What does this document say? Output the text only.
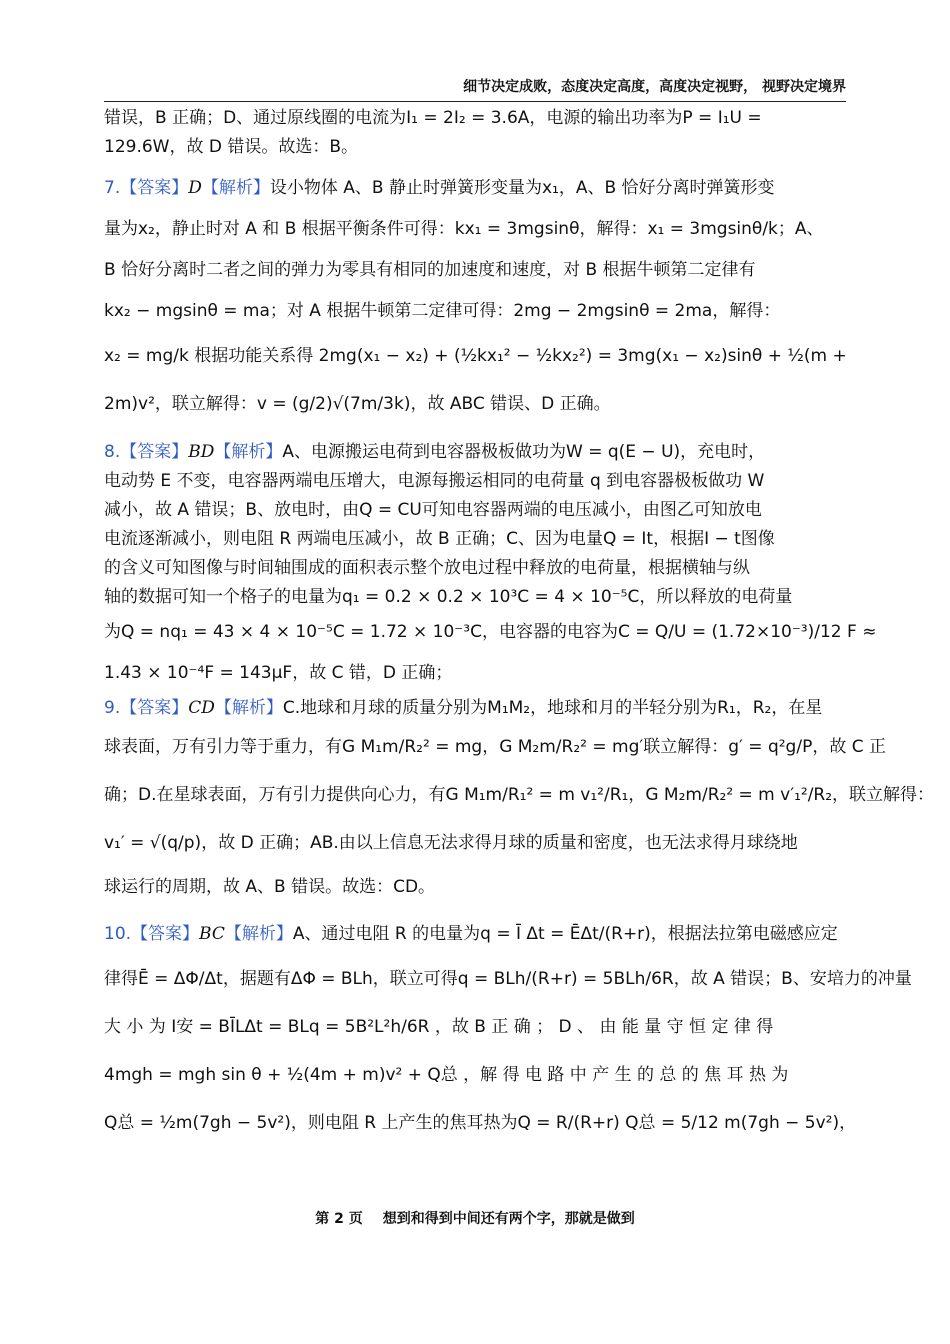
细节决定成败，态度决定高度，高度决定视野， 视野决定境界
错误，B 正确；D、通过原线圈的电流为I₁ = 2I₂ = 3.6A，电源的输出功率为P = I₁U =
129.6W，故 D 错误。故选：B。
7.【答案】D【解析】设小物体 A、B 静止时弹簧形变量为x₁，A、B 恰好分离时弹簧形变
量为x₂，静止时对 A 和 B 根据平衡条件可得：kx₁ = 3mgsinθ，解得：x₁ = 3mgsinθ/k；A、
B 恰好分离时二者之间的弹力为零具有相同的加速度和速度，对 B 根据牛顿第二定律有
kx₂ − mgsinθ = ma；对 A 根据牛顿第二定律可得：2mg − 2mgsinθ = 2ma，解得：
x₂ = mg/k 根据功能关系得 2mg(x₁ − x₂) + (½kx₁² − ½kx₂²) = 3mg(x₁ − x₂)sinθ + ½(m +
2m)v²，联立解得：v = (g/2)√(7m/3k)，故 ABC 错误、D 正确。
8.【答案】BD【解析】A、电源搬运电荷到电容器极板做功为W = q(E − U)，充电时，
电动势 E 不变，电容器两端电压增大，电源每搬运相同的电荷量 q 到电容器极板做功 W
减小，故 A 错误；B、放电时，由Q = CU可知电容器两端的电压减小，由图乙可知放电
电流逐渐减小，则电阻 R 两端电压减小，故 B 正确；C、因为电量Q = It，根据I − t图像
的含义可知图像与时间轴围成的面积表示整个放电过程中释放的电荷量，根据横轴与纵
轴的数据可知一个格子的电量为q₁ = 0.2 × 0.2 × 10³C = 4 × 10⁻⁵C，所以释放的电荷量
为Q = nq₁ = 43 × 4 × 10⁻⁵C = 1.72 × 10⁻³C，电容器的电容为C = Q/U = (1.72×10⁻³)/12 F ≈
1.43 × 10⁻⁴F = 143μF，故 C 错，D 正确；
9.【答案】CD【解析】C.地球和月球的质量分别为M₁M₂，地球和月的半轻分别为R₁，R₂，在星
球表面，万有引力等于重力，有G M₁m/R₂² = mg，G M₂m/R₂² = mg′联立解得：g′ = q²g/P，故 C 正
确；D.在星球表面，万有引力提供向心力，有G M₁m/R₁² = m v₁²/R₁，G M₂m/R₂² = m v′₁²/R₂，联立解得：
v₁′ = √(q/p)，故 D 正确；AB.由以上信息无法求得月球的质量和密度，也无法求得月球绕地
球运行的周期，故 A、B 错误。故选：CD。
10.【答案】BC【解析】A、通过电阻 R 的电量为q = Ī Δt = ĒΔt/(R+r)，根据法拉第电磁感应定
律得Ē = ΔΦ/Δt，据题有ΔΦ = BLh，联立可得q = BLh/(R+r) = 5BLh/6R，故 A 错误；B、安培力的冲量
大 小 为 I安 = BĪLΔt = BLq = 5B²L²h/6R ，故 B 正 确 ； D 、 由 能 量 守 恒 定 律 得
4mgh = mgh sin θ + ½(4m + m)v² + Q总 ，解 得 电 路 中 产 生 的 总 的 焦 耳 热 为
Q总 = ½m(7gh − 5v²)，则电阻 R 上产生的焦耳热为Q = R/(R+r) Q总 = 5/12 m(7gh − 5v²)，
第 2 页 想到和得到中间还有两个字，那就是做到
